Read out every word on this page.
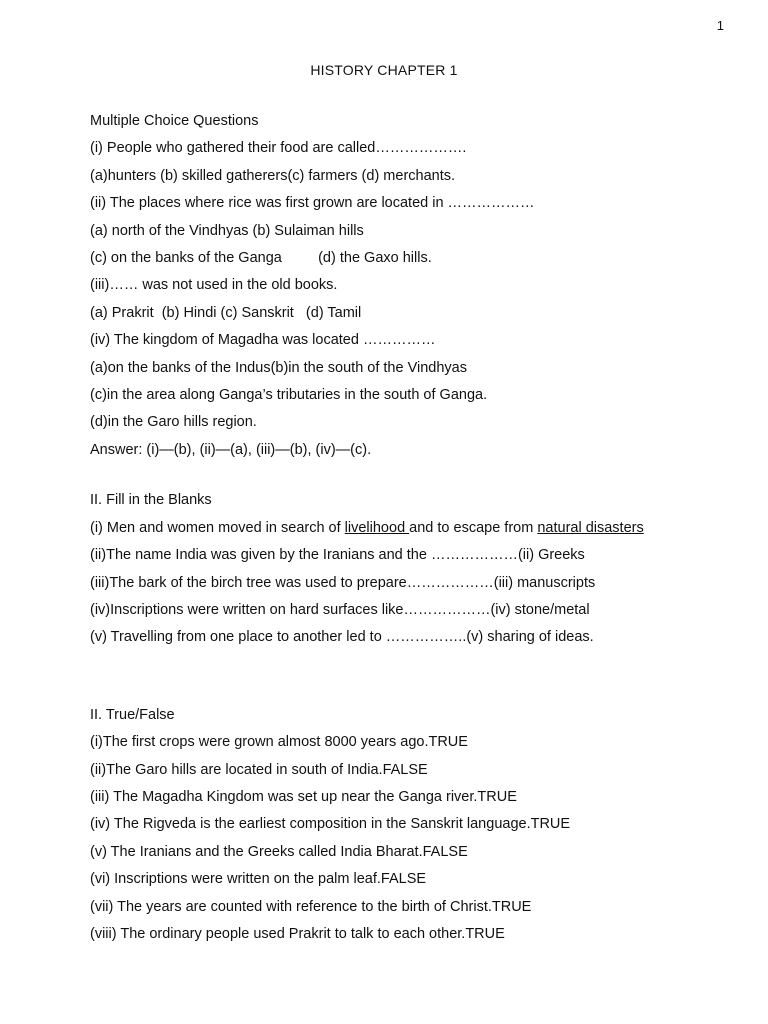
1
HISTORY CHAPTER 1
Multiple Choice Questions
(i) People who gathered their food are called……………….
(a)hunters (b) skilled gatherers(c) farmers (d) merchants.
(ii) The places where rice was first grown are located in ………………
(a) north of the Vindhyas (b) Sulaiman hills
(c) on the banks of the Ganga         (d) the Gaxo hills.
(iii)…… was not used in the old books.
(a) Prakrit  (b) Hindi (c) Sanskrit   (d) Tamil
(iv) The kingdom of Magadha was located ……………
(a)on the banks of the Indus(b)in the south of the Vindhyas
(c)in the area along Ganga’s tributaries in the south of Ganga.
(d)in the Garo hills region.
Answer: (i)—(b), (ii)—(a), (iii)—(b), (iv)—(c).
II. Fill in the Blanks
(i) Men and women moved in search of livelihood and to escape from natural disasters
(ii)The name India was given by the Iranians and the ………………(ii) Greeks
(iii)The bark of the birch tree was used to prepare………………(iii) manuscripts
(iv)Inscriptions were written on hard surfaces like………………(iv) stone/metal
(v) Travelling from one place to another led to ……………..(v) sharing of ideas.
II. True/False
(i)The first crops were grown almost 8000 years ago.TRUE
(ii)The Garo hills are located in south of India.FALSE
(iii) The Magadha Kingdom was set up near the Ganga river.TRUE
(iv) The Rigveda is the earliest composition in the Sanskrit language.TRUE
(v) The Iranians and the Greeks called India Bharat.FALSE
(vi) Inscriptions were written on the palm leaf.FALSE
(vii) The years are counted with reference to the birth of Christ.TRUE
(viii) The ordinary people used Prakrit to talk to each other.TRUE
